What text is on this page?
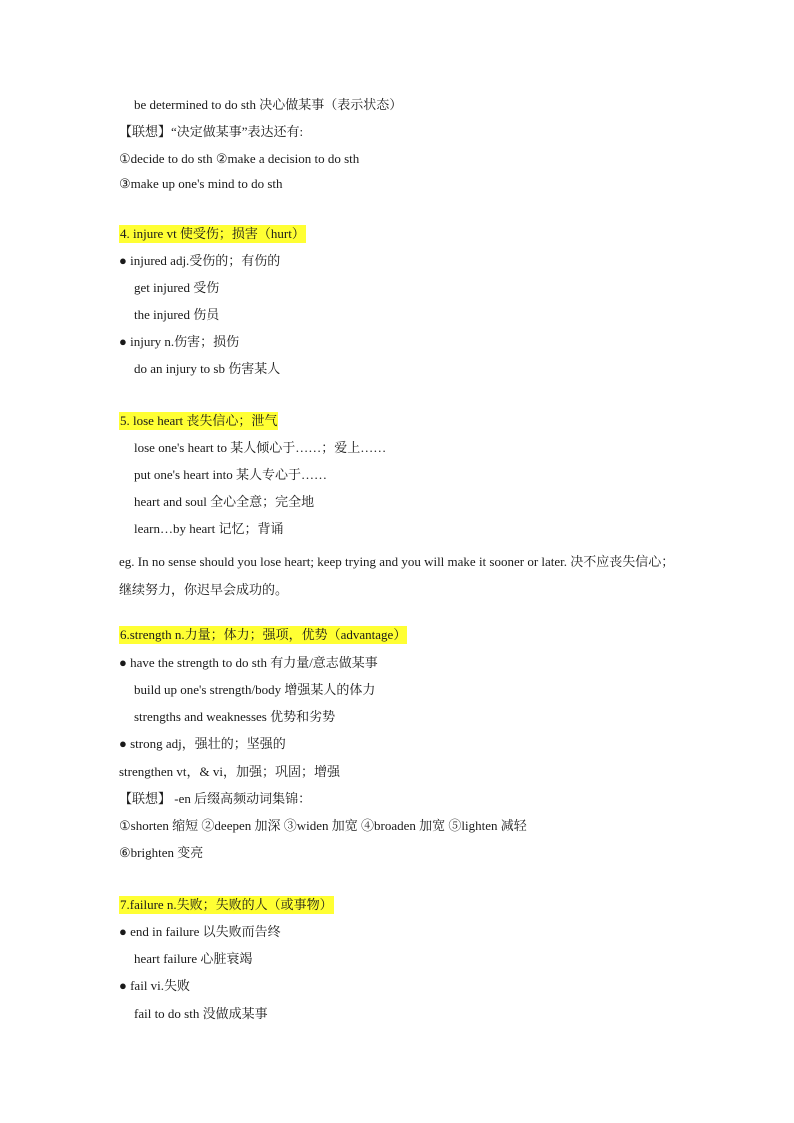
be determined to do sth 决心做某事（表示状态）
【联想】“决定做某事”表达还有:
①decide to do sth ②make a decision to do sth
③make up one's mind to do sth
4. injure vt 使受伤；损害（hurt）
● injured adj.受伤的；有伤的
get injured 受伤
the injured 伤员
● injury n.伤害；损伤
do an injury to sb 伤害某人
5. lose heart 丧失信心；泄气
lose one's heart to 某人倾心于……；爱上……
put one's heart into 某人专心于……
heart and soul 全心全意；完全地
learn…by heart 记忆；背诵
eg. In no sense should you lose heart; keep trying and you will make it sooner or later. 决不应丧失信心；继续努力，你迟早会成功的。
6.strength n.力量；体力；强项，优势（advantage）
● have the strength to do sth 有力量/意志做某事
build up one's strength/body 增强某人的体力
strengths and weaknesses 优势和劣势
● strong adj，强壮的；坚强的
strengthen vt，& vi，加强；巩固；增强
【联想】 -en 后缀高频动词集锦：
①shorten 缩短 ②deepen 加深 ③widen 加宽 ④broaden 加宽 ⑤lighten 减轻
⑥brighten 变亮
7.failure n.失败；失败的人（或事物）
● end in failure 以失败而告终
heart failure 心脏衰竭
● fail vi.失败
fail to do sth 没做成某事
